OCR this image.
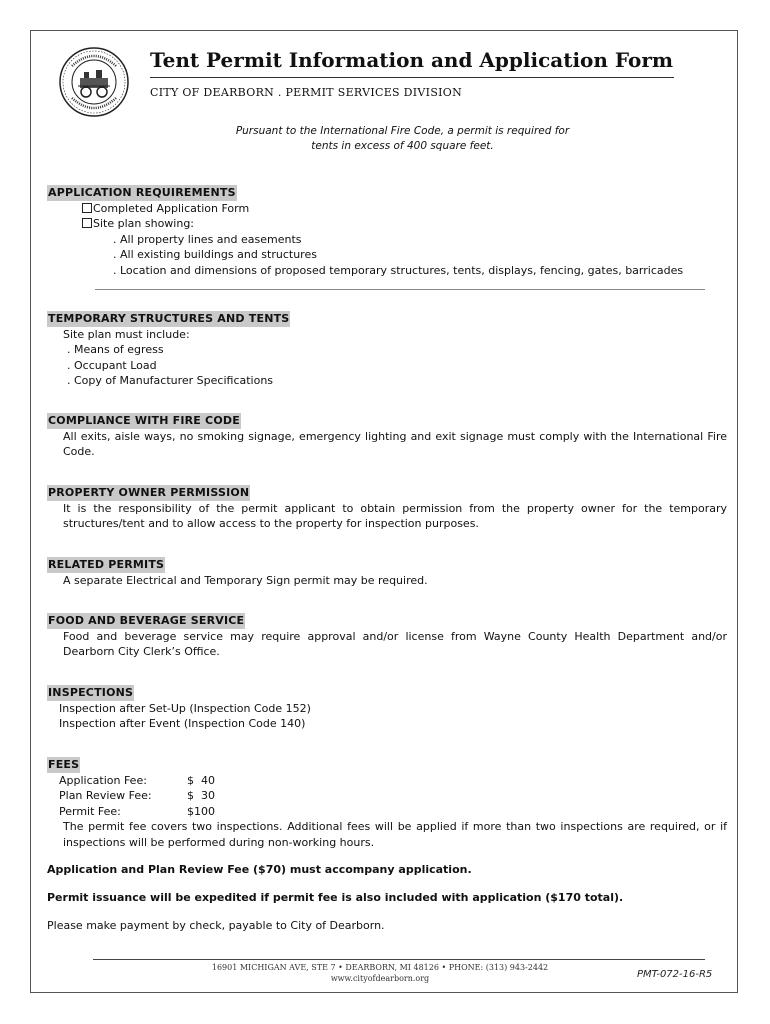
Tent Permit Information and Application Form
CITY OF DEARBORN . PERMIT SERVICES DIVISION
Pursuant to the International Fire Code, a permit is required for
tents in excess of 400 square feet.
APPLICATION REQUIREMENTS
Completed Application Form
Site plan showing:
. All property lines and easements
. All existing buildings and structures
. Location and dimensions of proposed temporary structures, tents, displays, fencing, gates, barricades
TEMPORARY STRUCTURES AND TENTS
Site plan must include:
. Means of egress
. Occupant Load
. Copy of Manufacturer Specifications
COMPLIANCE WITH FIRE CODE
All exits, aisle ways, no smoking signage, emergency lighting and exit signage must comply with the International Fire Code.
PROPERTY OWNER PERMISSION
It is the responsibility of the permit applicant to obtain permission from the property owner for the temporary structures/tent and to allow access to the property for inspection purposes.
RELATED PERMITS
A separate Electrical and Temporary Sign permit may be required.
FOOD AND BEVERAGE SERVICE
Food and beverage service may require approval and/or license from Wayne County Health Department and/or Dearborn City Clerk’s Office.
INSPECTIONS
Inspection after Set-Up (Inspection Code 152)
Inspection after Event (Inspection Code 140)
FEES
Application Fee:	$  40
Plan Review Fee:	$  30
Permit Fee:	$100
The permit fee covers two inspections. Additional fees will be applied if more than two inspections are required, or if inspections will be performed during non-working hours.
Application and Plan Review Fee ($70) must accompany application.
Permit issuance will be expedited if permit fee is also included with application ($170 total).
Please make payment by check, payable to City of Dearborn.
16901 MICHIGAN AVE, STE 7 • DEARBORN, MI 48126 • PHONE: (313) 943-2442
www.cityofdearborn.org	PMT-072-16-R5
